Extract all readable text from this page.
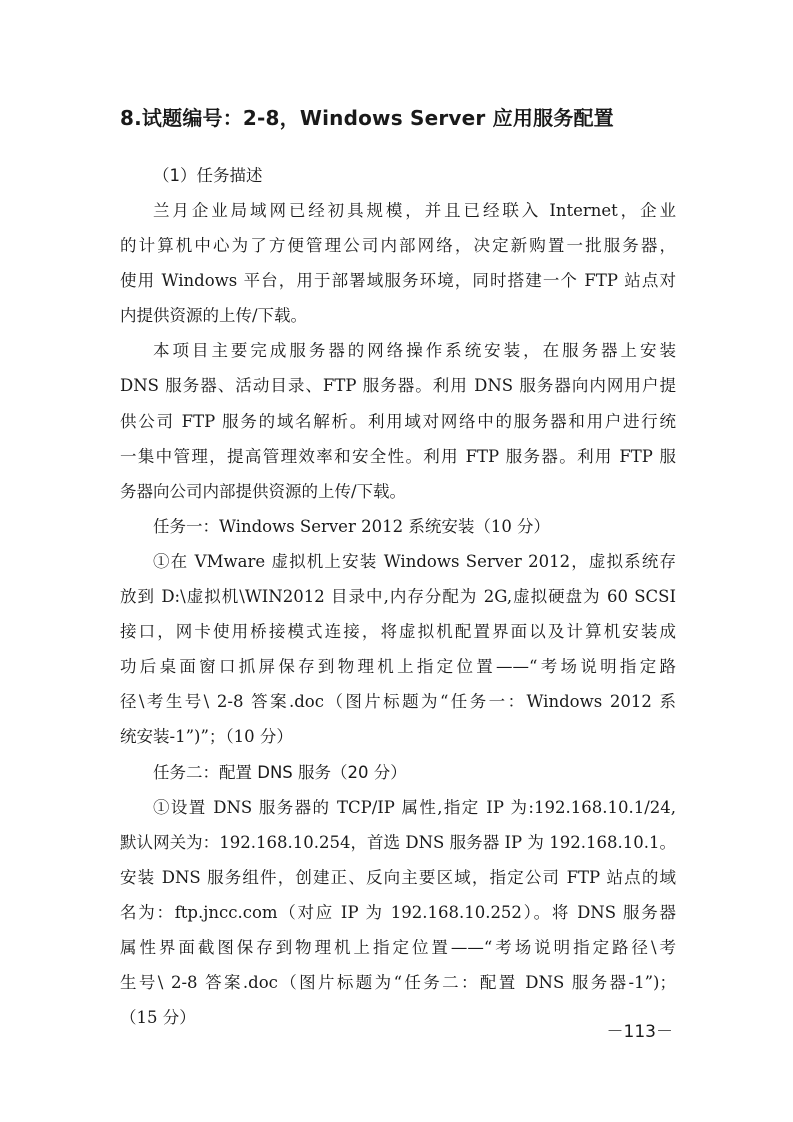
8.试题编号：2-8，Windows Server 应用服务配置
（1）任务描述
兰月企业局域网已经初具规模，并且已经联入 Internet，企业
的计算机中心为了方便管理公司内部网络，决定新购置一批服务器，
使用 Windows 平台，用于部署域服务环境，同时搭建一个 FTP 站点对
内提供资源的上传/下载。
本项目主要完成服务器的网络操作系统安装，在服务器上安装
DNS 服务器、活动目录、FTP 服务器。利用 DNS 服务器向内网用户提
供公司 FTP 服务的域名解析。利用域对网络中的服务器和用户进行统
一集中管理，提高管理效率和安全性。利用 FTP 服务器。利用 FTP 服
务器向公司内部提供资源的上传/下载。
任务一：Windows Server 2012 系统安装（10 分）
①在 VMware 虚拟机上安装 Windows Server 2012，虚拟系统存
放到 D:\虚拟机\WIN2012 目录中,内存分配为 2G,虚拟硬盘为 60 SCSI
接口，网卡使用桥接模式连接，将虚拟机配置界面以及计算机安装成
功后桌面窗口抓屏保存到物理机上指定位置——“考场说明指定路
径\考生号\ 2-8 答案.doc（图片标题为“任务一：Windows 2012 系
统安装-1”)”；（10 分）
任务二：配置 DNS 服务（20 分）
①设置 DNS 服务器的 TCP/IP 属性,指定 IP 为:192.168.10.1/24,
默认网关为：192.168.10.254，首选 DNS 服务器 IP 为 192.168.10.1。
安装 DNS 服务组件，创建正、反向主要区域，指定公司 FTP 站点的域
名为：ftp.jncc.com（对应 IP 为 192.168.10.252）。将 DNS 服务器
属性界面截图保存到物理机上指定位置——“考场说明指定路径\考
生号\ 2-8 答案.doc（图片标题为“任务二：配置 DNS 服务器-1”)；
（15 分）
－113－
